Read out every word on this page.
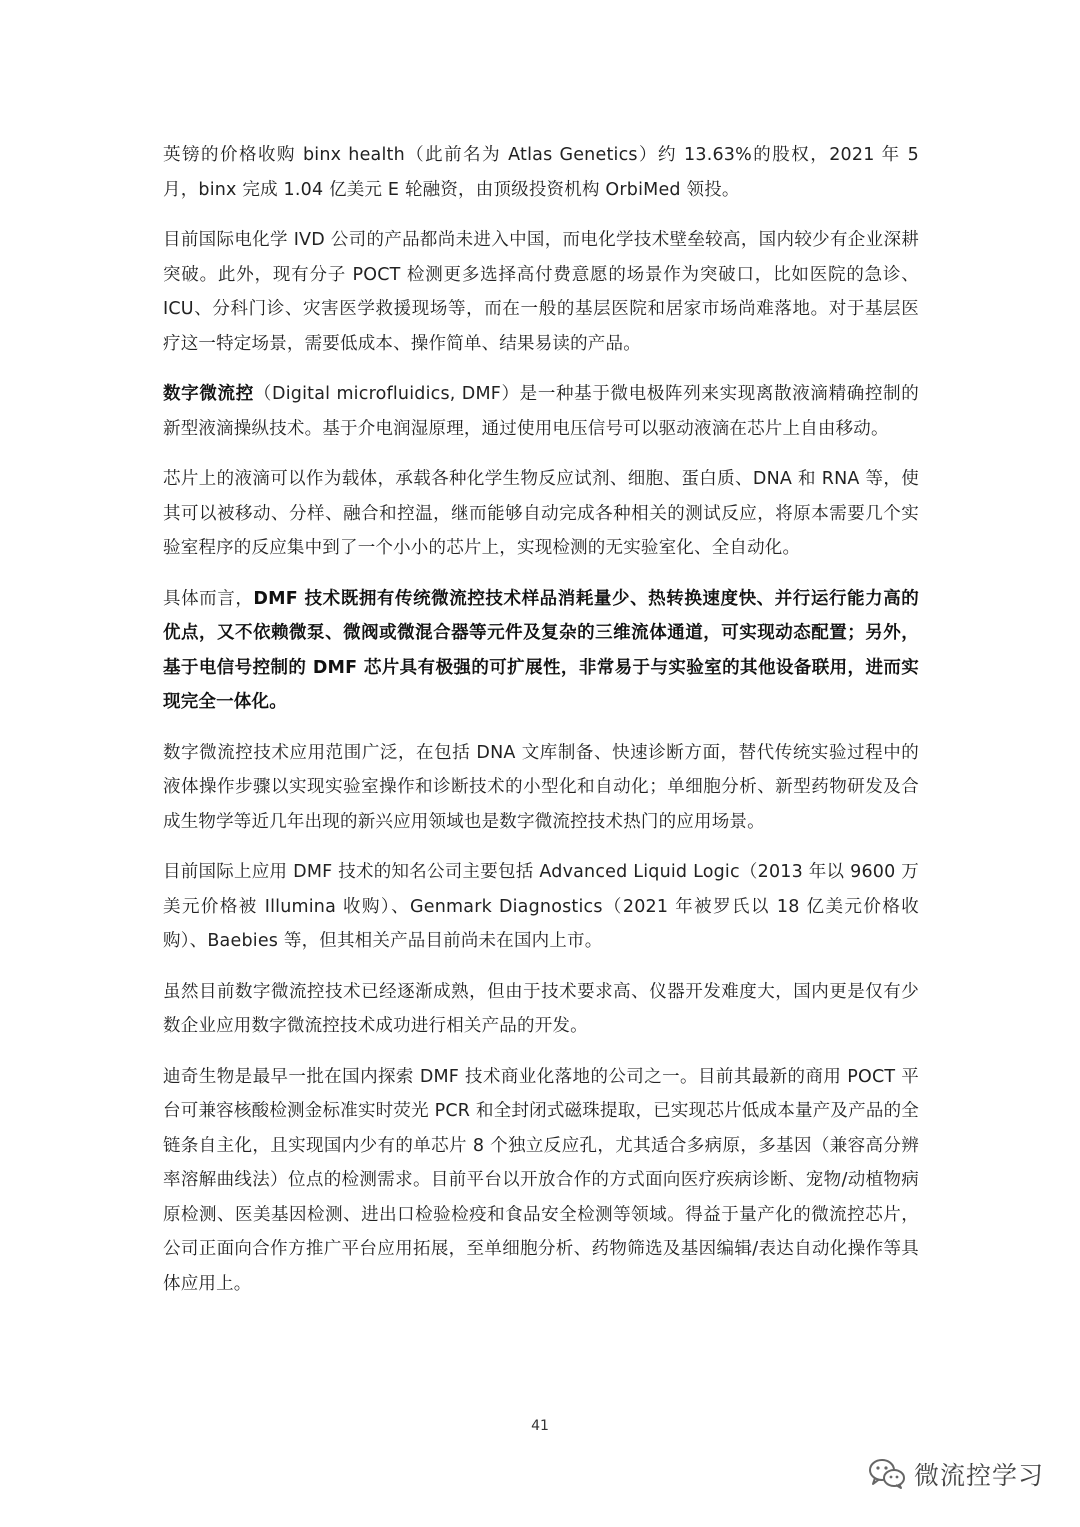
英镑的价格收购 binx health（此前名为 Atlas Genetics）约 13.63%的股权，2021 年 5 月，binx 完成 1.04 亿美元 E 轮融资，由顶级投资机构 OrbiMed 领投。

目前国际电化学 IVD 公司的产品都尚未进入中国，而电化学技术壁垒较高，国内较少有企业深耕突破。此外，现有分子 POCT 检测更多选择高付费意愿的场景作为突破口，比如医院的急诊、ICU、分科门诊、灾害医学救援现场等，而在一般的基层医院和居家市场尚难落地。对于基层医疗这一特定场景，需要低成本、操作简单、结果易读的产品。

数字微流控（Digital microfluidics, DMF）是一种基于微电极阵列来实现离散液滴精确控制的新型液滴操纵技术。基于介电润湿原理，通过使用电压信号可以驱动液滴在芯片上自由移动。

芯片上的液滴可以作为载体，承载各种化学生物反应试剂、细胞、蛋白质、DNA 和 RNA 等，使其可以被移动、分样、融合和控温，继而能够自动完成各种相关的测试反应，将原本需要几个实验室程序的反应集中到了一个小小的芯片上，实现检测的无实验室化、全自动化。

具体而言，DMF 技术既拥有传统微流控技术样品消耗量少、热转换速度快、并行运行能力高的优点，又不依赖微泵、微阀或微混合器等元件及复杂的三维流体通道，可实现动态配置；另外，基于电信号控制的 DMF 芯片具有极强的可扩展性，非常易于与实验室的其他设备联用，进而实现完全一体化。

数字微流控技术应用范围广泛，在包括 DNA 文库制备、快速诊断方面，替代传统实验过程中的液体操作步骤以实现实验室操作和诊断技术的小型化和自动化；单细胞分析、新型药物研发及合成生物学等近几年出现的新兴应用领域也是数字微流控技术热门的应用场景。

目前国际上应用 DMF 技术的知名公司主要包括 Advanced Liquid Logic（2013 年以 9600 万美元价格被 Illumina 收购）、Genmark Diagnostics（2021 年被罗氏以 18 亿美元价格收购）、Baebies 等，但其相关产品目前尚未在国内上市。

虽然目前数字微流控技术已经逐渐成熟，但由于技术要求高、仪器开发难度大，国内更是仅有少数企业应用数字微流控技术成功进行相关产品的开发。

迪奇生物是最早一批在国内探索 DMF 技术商业化落地的公司之一。目前其最新的商用 POCT 平台可兼容核酸检测金标准实时荧光 PCR 和全封闭式磁珠提取，已实现芯片低成本量产及产品的全链条自主化，且实现国内少有的单芯片 8 个独立反应孔，尤其适合多病原，多基因（兼容高分辨率溶解曲线法）位点的检测需求。目前平台以开放合作的方式面向医疗疾病诊断、宠物/动植物病原检测、医美基因检测、进出口检验检疫和食品安全检测等领域。得益于量产化的微流控芯片，公司正面向合作方推广平台应用拓展，至单细胞分析、药物筛选及基因编辑/表达自动化操作等具体应用上。

41
微流控学习
